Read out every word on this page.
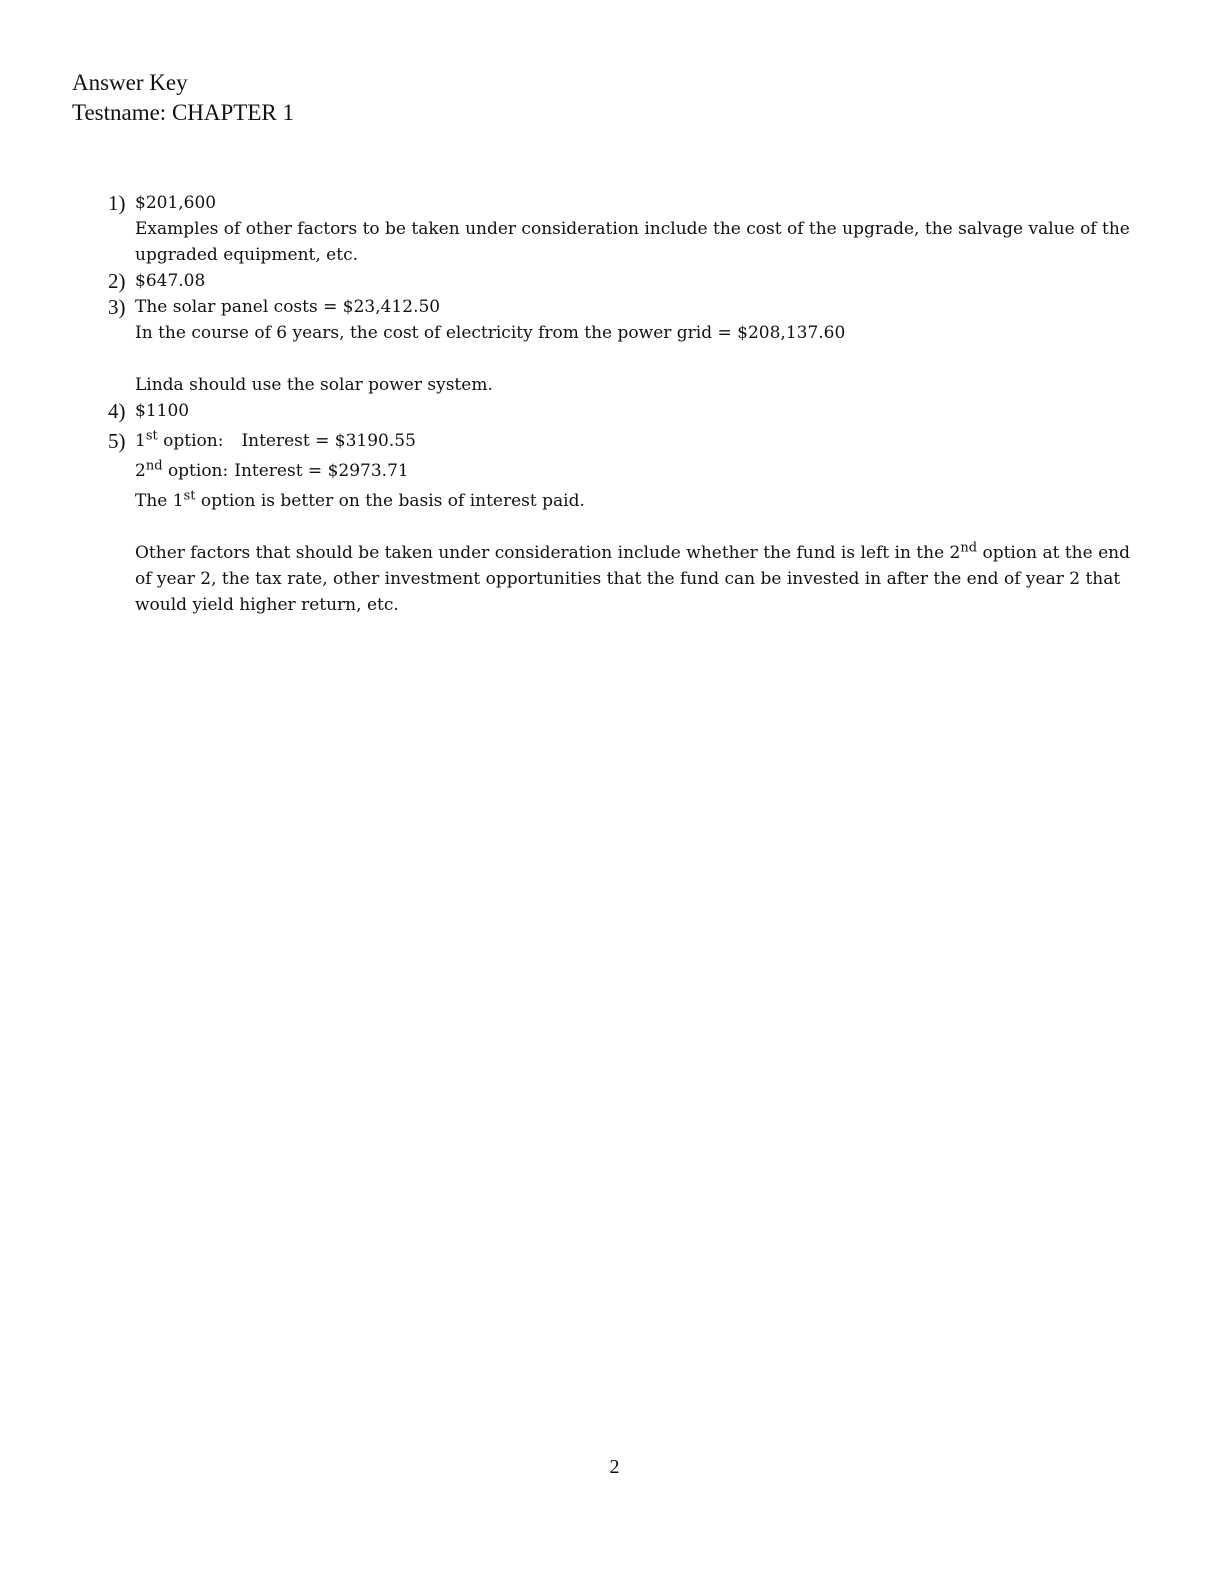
Answer Key
Testname: CHAPTER 1
1) $201,600
Examples of other factors to be taken under consideration include the cost of the upgrade, the salvage value of the upgraded equipment, etc.
2) $647.08
3) The solar panel costs = $23,412.50
In the course of 6 years, the cost of electricity from the power grid = $208,137.60
Linda should use the solar power system.
4) $1100
5) 1st option: Interest = $3190.55
2nd option: Interest = $2973.71
The 1st option is better on the basis of interest paid.
Other factors that should be taken under consideration include whether the fund is left in the 2nd option at the end of year 2, the tax rate, other investment opportunities that the fund can be invested in after the end of year 2 that would yield higher return, etc.
2
